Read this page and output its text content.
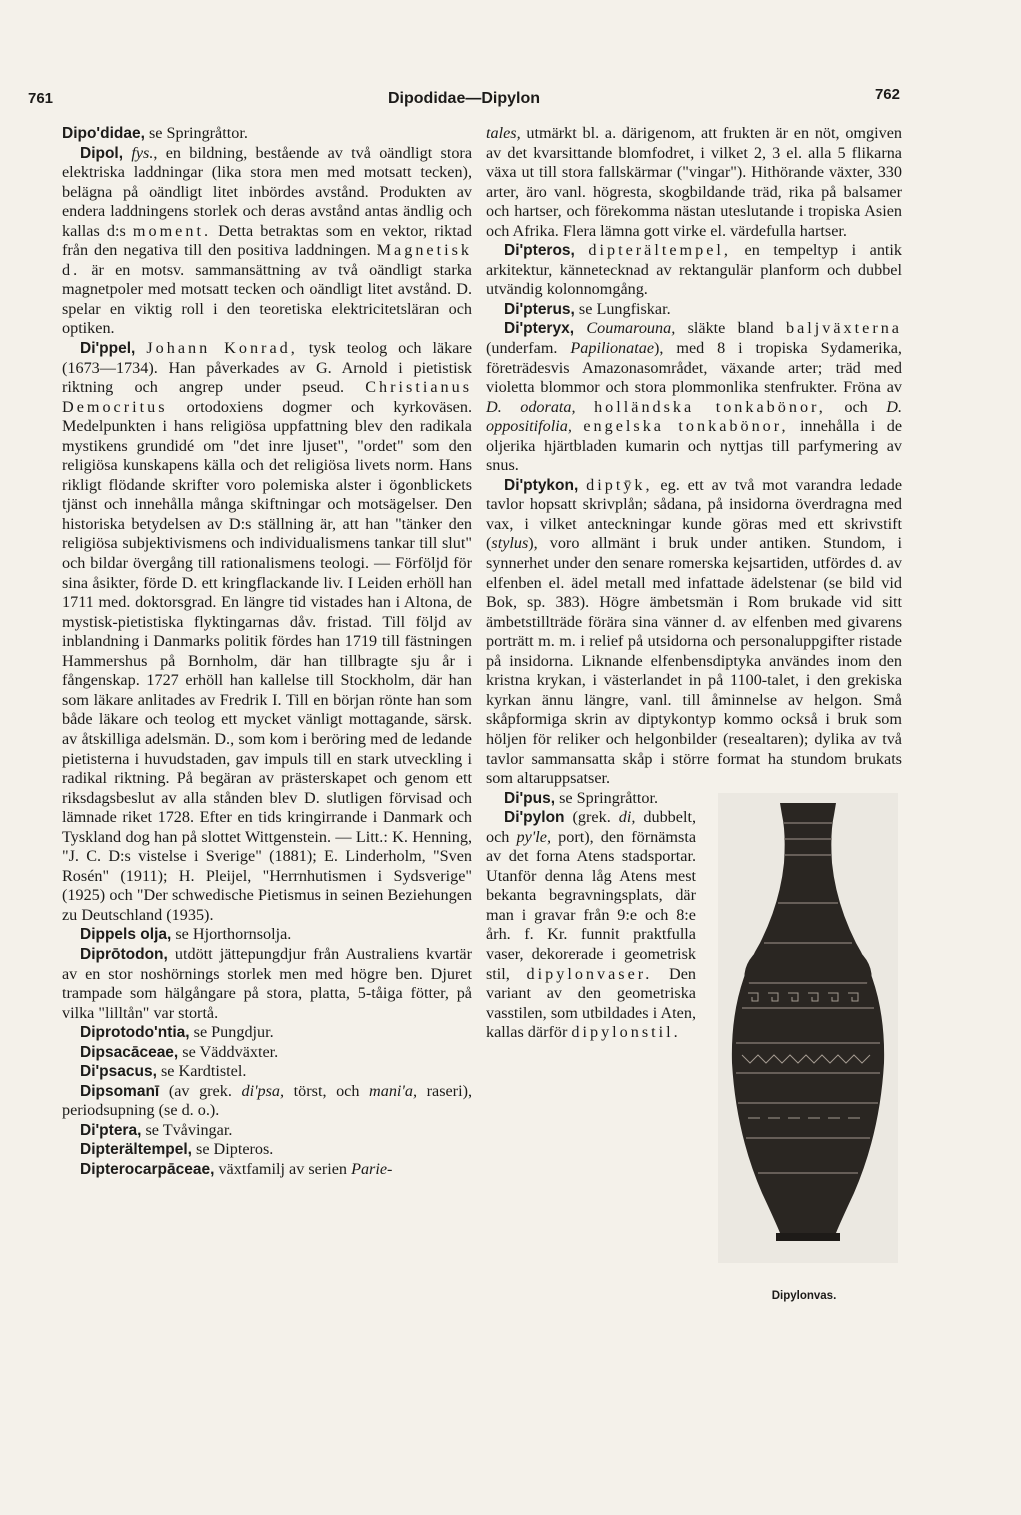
761	Dipodidae—Dipylon	762

Dipo'didae, se Springråttor.

Dipol, fys., en bildning, bestående av två oändligt stora elektriska laddningar (lika stora men med motsatt tecken), belägna på oändligt litet inbördes avstånd. Produkten av endera laddningens storlek och deras avstånd antas ändlig och kallas d:s moment. Detta betraktas som en vektor, riktad från den negativa till den positiva laddningen. Magnetisk d. är en motsv. sammansättning av två oändligt starka magnetpoler med motsatt tecken och oändligt litet avstånd. D. spelar en viktig roll i den teoretiska elektricitetsläran och optiken.

Di'ppel, Johann Konrad, tysk teolog och läkare (1673—1734). Han påverkades av G. Arnold i pietistisk riktning och angrep under pseud. Christianus Democritus ortodoxiens dogmer och kyrkoväsen. Medelpunkten i hans religiösa uppfattning blev den radikala mystikens grundidé om "det inre ljuset", "ordet" som den religiösa kunskapens källa och det religiösa livets norm. Hans rikligt flödande skrifter voro polemiska alster i ögonblickets tjänst och innehålla många skiftningar och motsägelser. Den historiska betydelsen av D:s ställning är, att han "tänker den religiösa subjektivismens och individualismens tankar till slut" och bildar övergång till rationalismens teologi. — Förföljd för sina åsikter, förde D. ett kringflackande liv. I Leiden erhöll han 1711 med. doktorsgrad. En längre tid vistades han i Altona, de mystisk-pietistiska flyktingarnas dåv. fristad. Till följd av inblandning i Danmarks politik fördes han 1719 till fästningen Hammershus på Bornholm, där han tillbragte sju år i fångenskap. 1727 erhöll han kallelse till Stockholm, där han som läkare anlitades av Fredrik I. Till en början rönte han som både läkare och teolog ett mycket vänligt mottagande, särsk. av åtskilliga adelsmän. D., som kom i beröring med de ledande pietisterna i huvudstaden, gav impuls till en stark utveckling i radikal riktning. På begäran av prästerskapet och genom ett riksdagsbeslut av alla stånden blev D. slutligen förvisad och lämnade riket 1728. Efter en tids kringirrande i Danmark och Tyskland dog han på slottet Wittgenstein. — Litt.: K. Henning, "J. C. D:s vistelse i Sverige" (1881); E. Linderholm, "Sven Rosén" (1911); H. Pleijel, "Herrnhutismen i Sydsverige" (1925) och "Der schwedische Pietismus in seinen Beziehungen zu Deutschland (1935).

Dippels olja, se Hjorthornsolja.

Diprōtodon, utdött jättepungdjur från Australiens kvartär av en stor noshörnings storlek men med högre ben. Djuret trampade som hälgångare på stora, platta, 5-tåiga fötter, på vilka "lilltån" var stortå.

Diprotodo'ntia, se Pungdjur.

Dipsacāceae, se Väddväxter.

Di'psacus, se Kardtistel.

Dipsomanī (av grek. di'psa, törst, och mani'a, raseri), periodsupning (se d. o.).

Di'ptera, se Tvåvingar.

Dipterältempel, se Dipteros.

Dipterocarpāceae, växtfamilj av serien Parie-

tales, utmärkt bl. a. därigenom, att frukten är en nöt, omgiven av det kvarsittande blomfodret, i vilket 2, 3 el. alla 5 flikarna växa ut till stora fallskärmar ("vingar"). Hithörande växter, 330 arter, äro vanl. högresta, skogbildande träd, rika på balsamer och hartser, och förekomma nästan uteslutande i tropiska Asien och Afrika. Flera lämna gott virke el. värdefulla hartser.

Di'pteros, dipterältempel, en tempeltyp i antik arkitektur, kännetecknad av rektangulär planform och dubbel utvändig kolonnomgång.

Di'pterus, se Lungfiskar.

Di'pteryx, Coumarouna, släkte bland baljväxterna (underfam. Papilionatae), med 8 i tropiska Sydamerika, företrädesvis Amazonasområdet, växande arter; träd med violetta blommor och stora plommonlika stenfrukter. Fröna av D. odorata, holländska tonkabönor, och D. oppositifolia, engelska tonkabönor, innehålla i de oljerika hjärtbladen kumarin och nyttjas till parfymering av snus.

Di'ptykon, diptȳk, eg. ett av två mot varandra ledade tavlor hopsatt skrivplån; sådana, på insidorna överdragna med vax, i vilket anteckningar kunde göras med ett skrivstift (stylus), voro allmänt i bruk under antiken. Stundom, i synnerhet under den senare romerska kejsartiden, utfördes d. av elfenben el. ädel metall med infattade ädelstenar (se bild vid Bok, sp. 383). Högre ämbetsmän i Rom brukade vid sitt ämbetstillträde förära sina vänner d. av elfenben med givarens porträtt m. m. i relief på utsidorna och personaluppgifter ristade på insidorna. Liknande elfenbensdiptyka användes inom den kristna krykan, i västerlandet in på 1100-talet, i den grekiska kyrkan ännu längre, vanl. till åminnelse av helgon. Små skåpformiga skrin av diptykontyp kommo också i bruk som höljen för reliker och helgonbilder (resealtaren); dylika av två tavlor sammansatta skåp i större format ha stundom brukats som altaruppsatser.

Dipylonvas.

Di'pus, se Springråttor.

Di'pylon (grek. di, dubbelt, och py'le, port), den förnämsta av det forna Atens stadsportar. Utanför denna låg Atens mest bekanta begravningsplats, där man i gravar från 9:e och 8:e årh. f. Kr. funnit praktfulla vaser, dekorerade i geometrisk stil, dipylonvaser. Den variant av den geometriska vasstilen, som utbildades i Aten, kallas därför dipylonstil.
